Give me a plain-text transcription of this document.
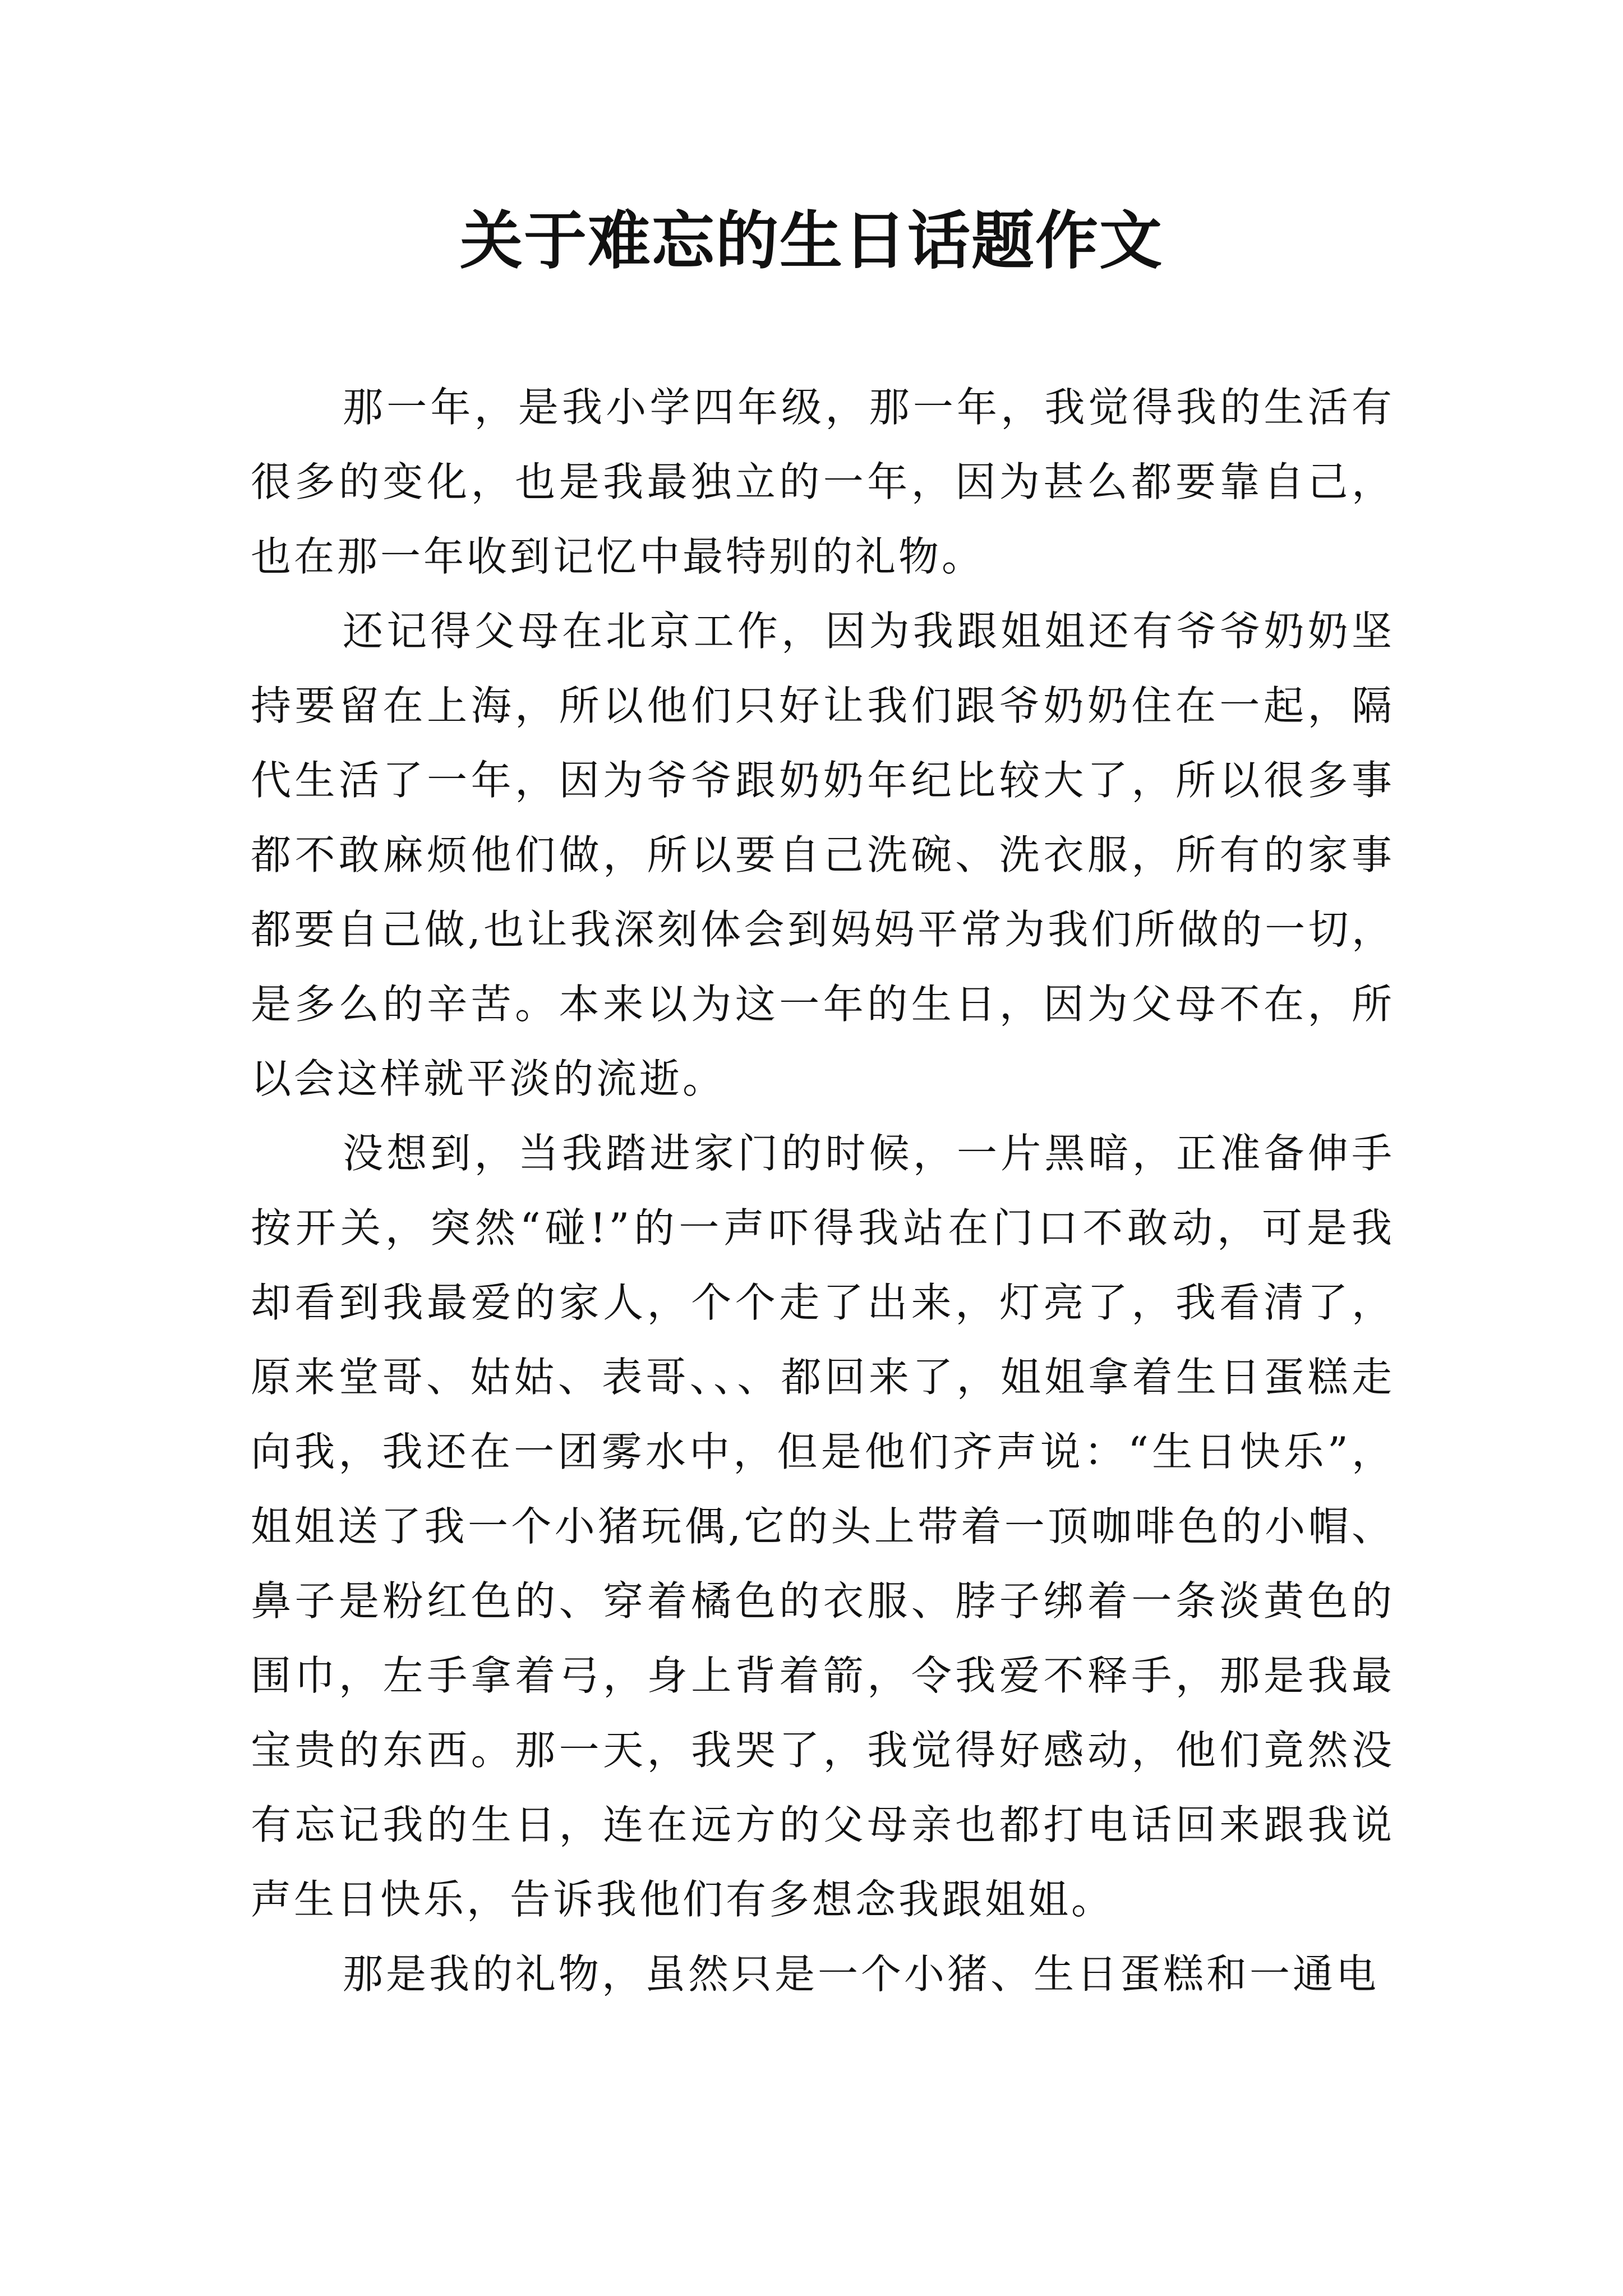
关于难忘的生日话题作文

那一年，是我小学四年级，那一年，我觉得我的生活有很多的变化，也是我最独立的一年，因为甚么都要靠自己，也在那一年收到记忆中最特别的礼物。

还记得父母在北京工作，因为我跟姐姐还有爷爷奶奶坚持要留在上海，所以他们只好让我们跟爷奶奶住在一起，隔代生活了一年，因为爷爷跟奶奶年纪比较大了，所以很多事都不敢麻烦他们做，所以要自己洗碗、洗衣服，所有的家事都要自己做,也让我深刻体会到妈妈平常为我们所做的一切，是多么的辛苦。本来以为这一年的生日，因为父母不在，所以会这样就平淡的流逝。

没想到，当我踏进家门的时候，一片黑暗，正准备伸手按开关，突然“碰!”的一声吓得我站在门口不敢动，可是我却看到我最爱的家人，个个走了出来，灯亮了，我看清了，原来堂哥、姑姑、表哥、、、都回来了，姐姐拿着生日蛋糕走向我，我还在一团雾水中，但是他们齐声说：“生日快乐”，姐姐送了我一个小猪玩偶,它的头上带着一顶咖啡色的小帽、鼻子是粉红色的、穿着橘色的衣服、脖子绑着一条淡黄色的围巾，左手拿着弓，身上背着箭，令我爱不释手，那是我最宝贵的东西。那一天，我哭了，我觉得好感动，他们竟然没有忘记我的生日，连在远方的父母亲也都打电话回来跟我说声生日快乐，告诉我他们有多想念我跟姐姐。

那是我的礼物，虽然只是一个小猪、生日蛋糕和一通电
